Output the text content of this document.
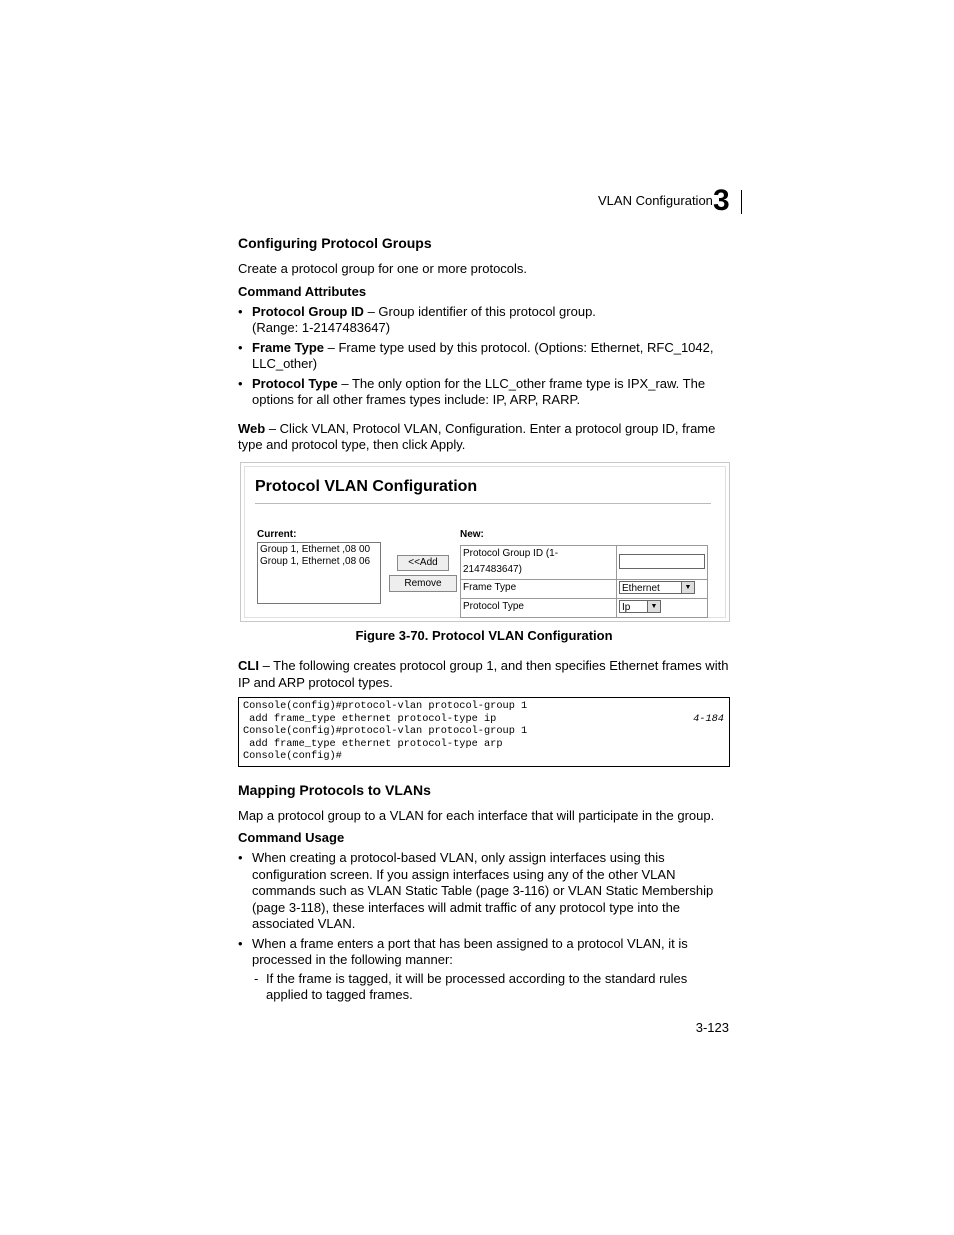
VLAN Configuration 3
Configuring Protocol Groups

Create a protocol group for one or more protocols.

Command Attributes
• Protocol Group ID – Group identifier of this protocol group.
(Range: 1-2147483647)
• Frame Type – Frame type used by this protocol. (Options: Ethernet, RFC_1042, LLC_other)
• Protocol Type – The only option for the LLC_other frame type is IPX_raw. The options for all other frames types include: IP, ARP, RARP.

Web – Click VLAN, Protocol VLAN, Configuration. Enter a protocol group ID, frame type and protocol type, then click Apply.

Protocol VLAN Configuration
Current:
Group 1, Ethernet ,08 00
Group 1, Ethernet ,08 06	<<Add
Remove
New:
Protocol Group ID (1-2147483647)	
Frame Type	Ethernet ▼

Protocol Type	Ip ▼
Figure 3-70. Protocol VLAN Configuration

CLI – The following creates protocol group 1, and then specifies Ethernet frames with IP and ARP protocol types.

Console(config)#protocol-vlan protocol-group 1
add frame_type ethernet protocol-type ip
Console(config)#protocol-vlan protocol-group 1
add frame_type ethernet protocol-type arp
Console(config)#
4-184
Mapping Protocols to VLANs

Map a protocol group to a VLAN for each interface that will participate in the group.

Command Usage
• When creating a protocol-based VLAN, only assign interfaces using this configuration screen. If you assign interfaces using any of the other VLAN commands such as VLAN Static Table (page 3-116) or VLAN Static Membership (page 3-118), these interfaces will admit traffic of any protocol type into the associated VLAN.
• When a frame enters a port that has been assigned to a protocol VLAN, it is processed in the following manner:
- If the frame is tagged, it will be processed according to the standard rules applied to tagged frames.
3-123
